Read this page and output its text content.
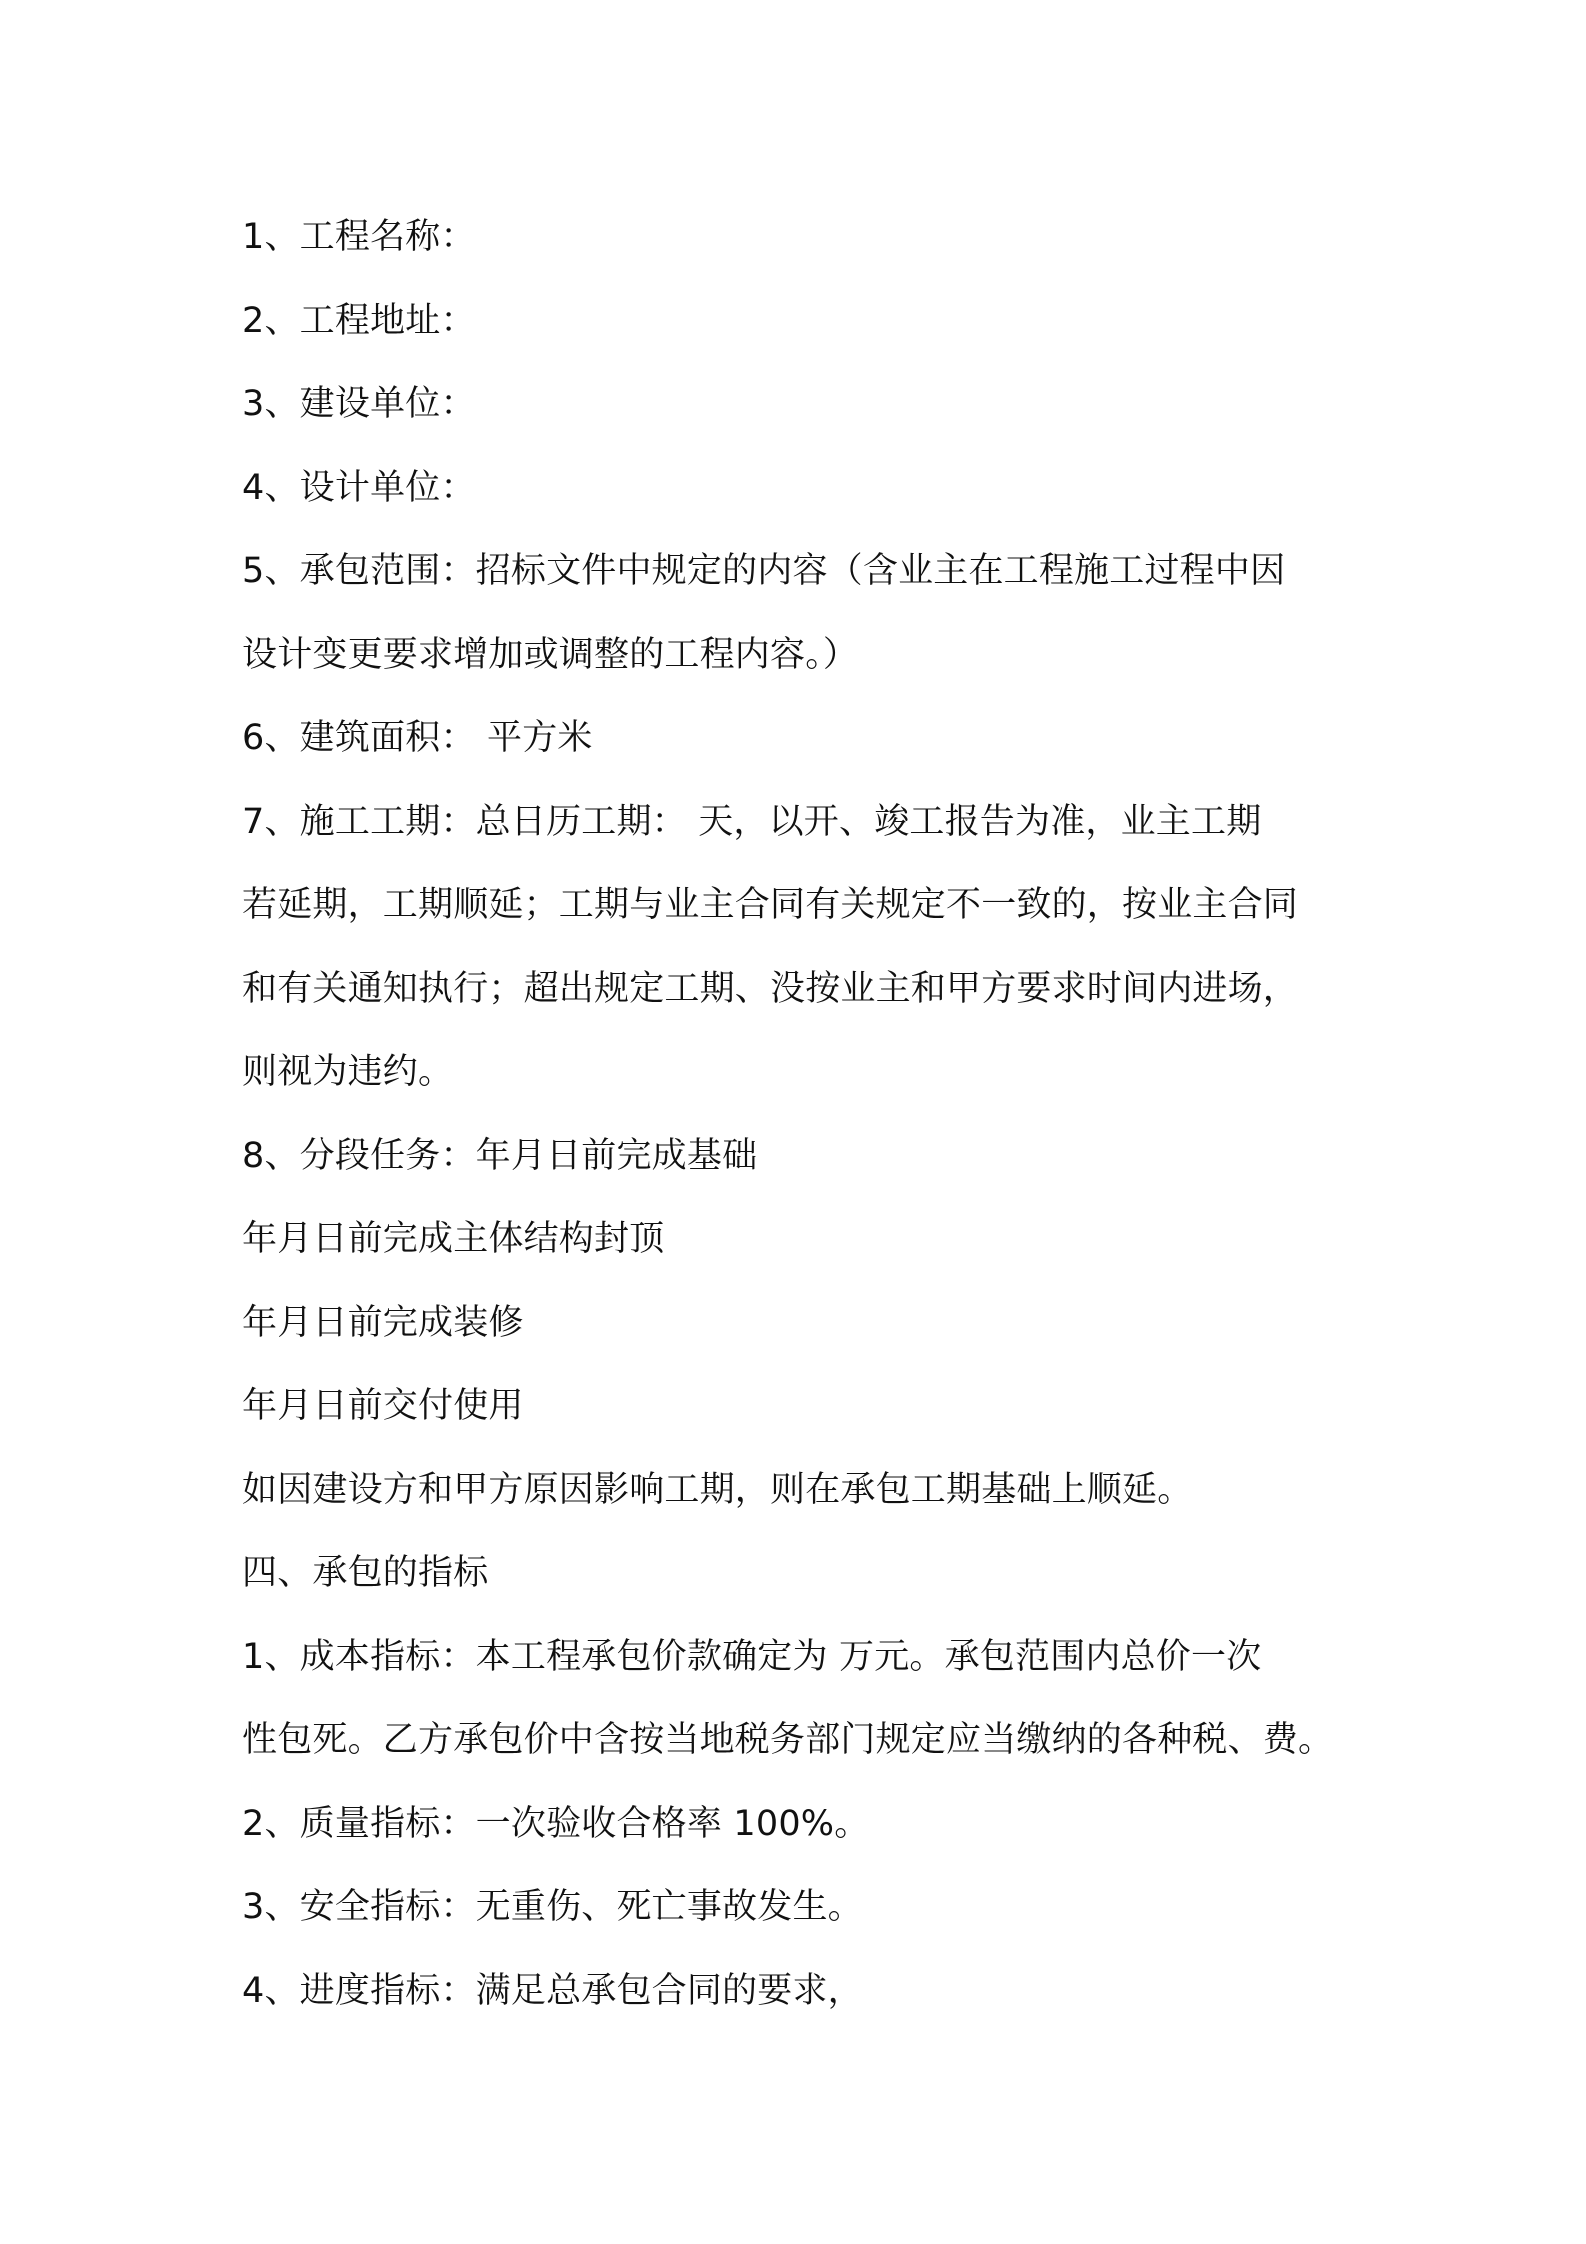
1、工程名称：
2、工程地址：
3、建设单位：
4、设计单位：
5、承包范围：招标文件中规定的内容（含业主在工程施工过程中因
设计变更要求增加或调整的工程内容。）
6、建筑面积： 平方米
7、施工工期：总日历工期： 天，以开、竣工报告为准，业主工期
若延期，工期顺延；工期与业主合同有关规定不一致的，按业主合同
和有关通知执行；超出规定工期、没按业主和甲方要求时间内进场，
则视为违约。
8、分段任务：年月日前完成基础
年月日前完成主体结构封顶
年月日前完成装修
年月日前交付使用
如因建设方和甲方原因影响工期，则在承包工期基础上顺延。
四、承包的指标
1、成本指标：本工程承包价款确定为 万元。承包范围内总价一次
性包死。乙方承包价中含按当地税务部门规定应当缴纳的各种税、费。
2、质量指标：一次验收合格率 100%。
3、安全指标：无重伤、死亡事故发生。
4、进度指标：满足总承包合同的要求，
